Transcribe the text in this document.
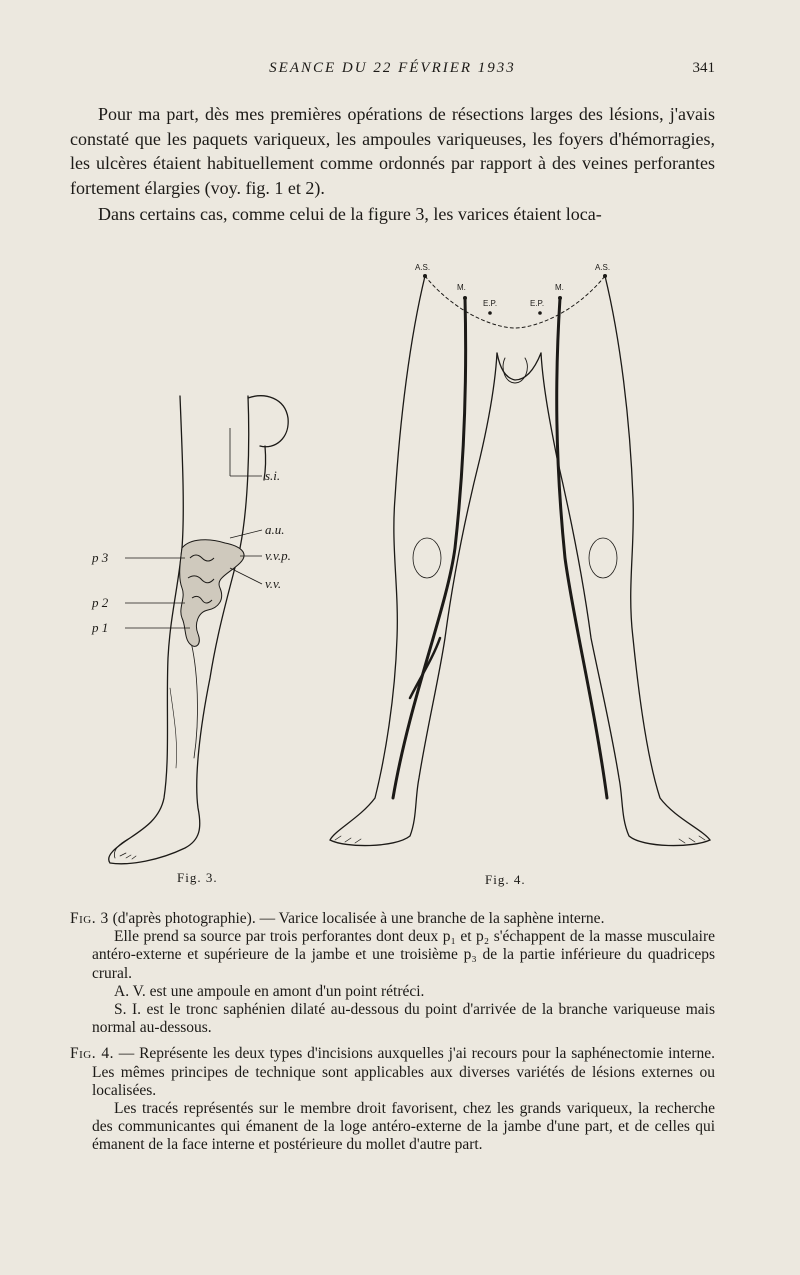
SEANCE DU 22 FÉVRIER 1933	341

Pour ma part, dès mes premières opérations de résections larges des lésions, j'avais constaté que les paquets variqueux, les ampoules variqueuses, les foyers d'hémorragies, les ulcères étaient habituellement comme ordonnés par rapport à des veines perforantes fortement élargies (voy. fig. 1 et 2).

Dans certains cas, comme celui de la figure 3, les varices étaient loca-

s.i.
a.u.
v.v.p.
v.v.
p 3
p 2
p 1
Fig. 3.
A.S.	A.S.
M.	M.
E.P.	E.P.
Fig. 4.

Fig. 3 (d'après photographie). — Varice localisée à une branche de la saphène interne.

Elle prend sa source par trois perforantes dont deux p₁ et p₂ s'échappent de la masse musculaire antéro-externe et supérieure de la jambe et une troisième p₃ de la partie inférieure du quadriceps crural.

A. V. est une ampoule en amont d'un point rétréci.

S. I. est le tronc saphénien dilaté au-dessous du point d'arrivée de la branche variqueuse mais normal au-dessous.

Fig. 4. — Représente les deux types d'incisions auxquelles j'ai recours pour la saphénectomie interne. Les mêmes principes de technique sont applicables aux diverses variétés de lésions externes ou localisées.

Les tracés représentés sur le membre droit favorisent, chez les grands variqueux, la recherche des communicantes qui émanent de la loge antéro-externe de la jambe d'une part, et de celles qui émanent de la face interne et postérieure du mollet d'autre part.
